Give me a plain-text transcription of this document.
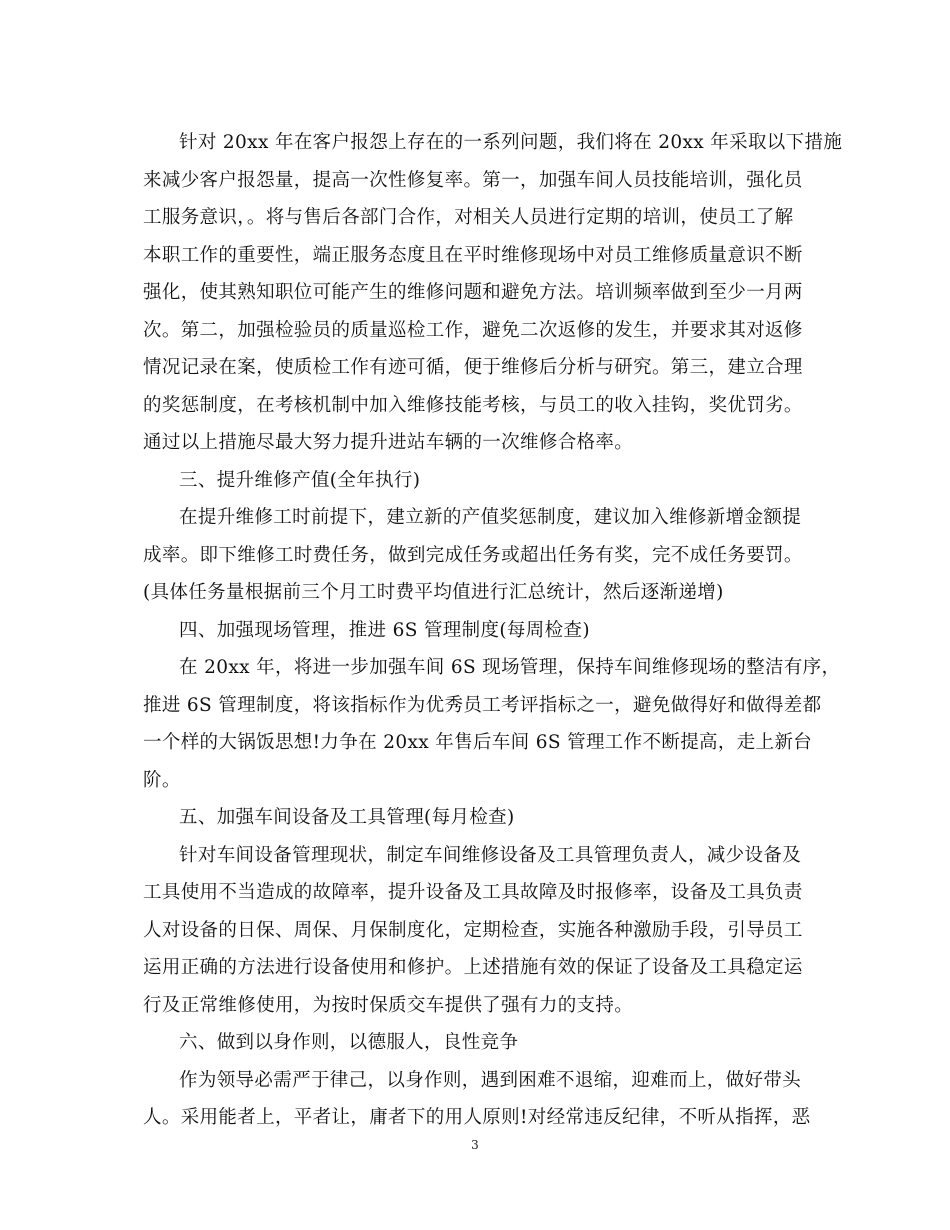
针对 20xx 年在客户报怨上存在的一系列问题，我们将在 20xx 年采取以下措施
来减少客户报怨量，提高一次性修复率。第一，加强车间人员技能培训，强化员
工服务意识，。将与售后各部门合作，对相关人员进行定期的培训，使员工了解
本职工作的重要性，端正服务态度且在平时维修现场中对员工维修质量意识不断
强化，使其熟知职位可能产生的维修问题和避免方法。培训频率做到至少一月两
次。第二，加强检验员的质量巡检工作，避免二次返修的发生，并要求其对返修
情况记录在案，使质检工作有迹可循，便于维修后分析与研究。第三，建立合理
的奖惩制度，在考核机制中加入维修技能考核，与员工的收入挂钩，奖优罚劣。
通过以上措施尽最大努力提升进站车辆的一次维修合格率。
三、提升维修产值(全年执行)
在提升维修工时前提下，建立新的产值奖惩制度，建议加入维修新增金额提
成率。即下维修工时费任务，做到完成任务或超出任务有奖，完不成任务要罚。
(具体任务量根据前三个月工时费平均值进行汇总统计，然后逐渐递增)
四、加强现场管理，推进 6S 管理制度(每周检查)
在 20xx 年，将进一步加强车间 6S 现场管理，保持车间维修现场的整洁有序，
推进 6S 管理制度，将该指标作为优秀员工考评指标之一，避免做得好和做得差都
一个样的大锅饭思想!力争在 20xx 年售后车间 6S 管理工作不断提高，走上新台
阶。
五、加强车间设备及工具管理(每月检查)
针对车间设备管理现状，制定车间维修设备及工具管理负责人，减少设备及
工具使用不当造成的故障率，提升设备及工具故障及时报修率，设备及工具负责
人对设备的日保、周保、月保制度化，定期检查，实施各种激励手段，引导员工
运用正确的方法进行设备使用和修护。上述措施有效的保证了设备及工具稳定运
行及正常维修使用，为按时保质交车提供了强有力的支持。
六、做到以身作则，以德服人，良性竞争
作为领导必需严于律己，以身作则，遇到困难不退缩，迎难而上，做好带头
人。采用能者上，平者让，庸者下的用人原则!对经常违反纪律，不听从指挥，恶
3
